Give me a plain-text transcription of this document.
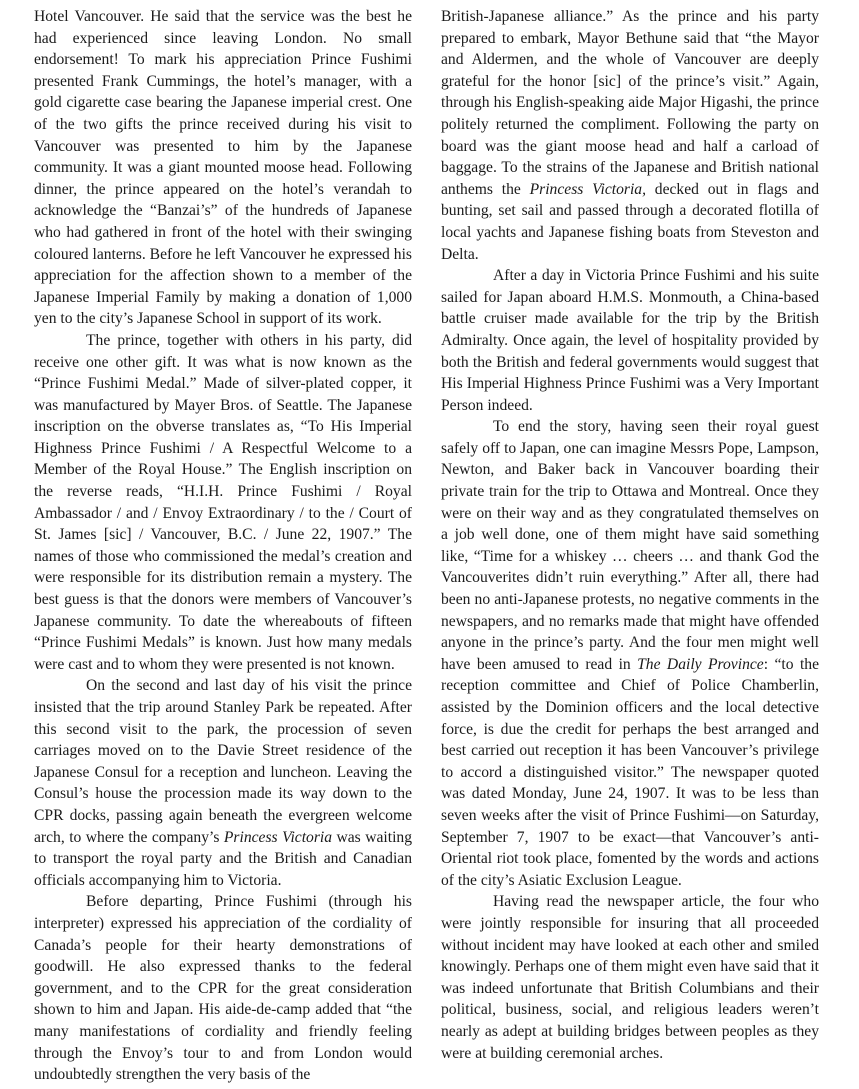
Hotel Vancouver. He said that the service was the best he had experienced since leaving London. No small endorsement! To mark his appreciation Prince Fushimi presented Frank Cummings, the hotel’s manager, with a gold cigarette case bearing the Japanese imperial crest. One of the two gifts the prince received during his visit to Vancouver was presented to him by the Japanese community. It was a giant mounted moose head. Following dinner, the prince appeared on the hotel’s verandah to acknowledge the “Banzai’s” of the hundreds of Japanese who had gathered in front of the hotel with their swinging coloured lanterns. Before he left Vancouver he expressed his appreciation for the affection shown to a member of the Japanese Imperial Family by making a donation of 1,000 yen to the city’s Japanese School in support of its work.

The prince, together with others in his party, did receive one other gift. It was what is now known as the “Prince Fushimi Medal.” Made of silver-plated copper, it was manufactured by Mayer Bros. of Seattle. The Japanese inscription on the obverse translates as, “To His Imperial Highness Prince Fushimi / A Respectful Welcome to a Member of the Royal House.” The English inscription on the reverse reads, “H.I.H. Prince Fushimi / Royal Ambassador / and / Envoy Extraordinary / to the / Court of St. James [sic] / Vancouver, B.C. / June 22, 1907.” The names of those who commissioned the medal’s creation and were responsible for its distribution remain a mystery. The best guess is that the donors were members of Vancouver’s Japanese community. To date the whereabouts of fifteen “Prince Fushimi Medals” is known. Just how many medals were cast and to whom they were presented is not known.

On the second and last day of his visit the prince insisted that the trip around Stanley Park be repeated. After this second visit to the park, the procession of seven carriages moved on to the Davie Street residence of the Japanese Consul for a reception and luncheon. Leaving the Consul’s house the procession made its way down to the CPR docks, passing again beneath the evergreen welcome arch, to where the company’s Princess Victoria was waiting to transport the royal party and the British and Canadian officials accompanying him to Victoria.

Before departing, Prince Fushimi (through his interpreter) expressed his appreciation of the cordiality of Canada’s people for their hearty demonstrations of goodwill. He also expressed thanks to the federal government, and to the CPR for the great consideration shown to him and Japan. His aide-de-camp added that “the many manifestations of cordiality and friendly feeling through the Envoy’s tour to and from London would undoubtedly strengthen the very basis of the

British-Japanese alliance.” As the prince and his party prepared to embark, Mayor Bethune said that “the Mayor and Aldermen, and the whole of Vancouver are deeply grateful for the honor [sic] of the prince’s visit.” Again, through his English-speaking aide Major Higashi, the prince politely returned the compliment. Following the party on board was the giant moose head and half a carload of baggage. To the strains of the Japanese and British national anthems the Princess Victoria, decked out in flags and bunting, set sail and passed through a decorated flotilla of local yachts and Japanese fishing boats from Steveston and Delta.

After a day in Victoria Prince Fushimi and his suite sailed for Japan aboard H.M.S. Monmouth, a China-based battle cruiser made available for the trip by the British Admiralty. Once again, the level of hospitality provided by both the British and federal governments would suggest that His Imperial Highness Prince Fushimi was a Very Important Person indeed.

To end the story, having seen their royal guest safely off to Japan, one can imagine Messrs Pope, Lampson, Newton, and Baker back in Vancouver boarding their private train for the trip to Ottawa and Montreal. Once they were on their way and as they congratulated themselves on a job well done, one of them might have said something like, “Time for a whiskey … cheers … and thank God the Vancouverites didn’t ruin everything.” After all, there had been no anti-Japanese protests, no negative comments in the newspapers, and no remarks made that might have offended anyone in the prince’s party. And the four men might well have been amused to read in The Daily Province: “to the reception committee and Chief of Police Chamberlin, assisted by the Dominion officers and the local detective force, is due the credit for perhaps the best arranged and best carried out reception it has been Vancouver’s privilege to accord a distinguished visitor.” The newspaper quoted was dated Monday, June 24, 1907. It was to be less than seven weeks after the visit of Prince Fushimi—on Saturday, September 7, 1907 to be exact—that Vancouver’s anti-Oriental riot took place, fomented by the words and actions of the city’s Asiatic Exclusion League.

Having read the newspaper article, the four who were jointly responsible for insuring that all proceeded without incident may have looked at each other and smiled knowingly. Perhaps one of them might even have said that it was indeed unfortunate that British Columbians and their political, business, social, and religious leaders weren’t nearly as adept at building bridges between peoples as they were at building ceremonial arches.
